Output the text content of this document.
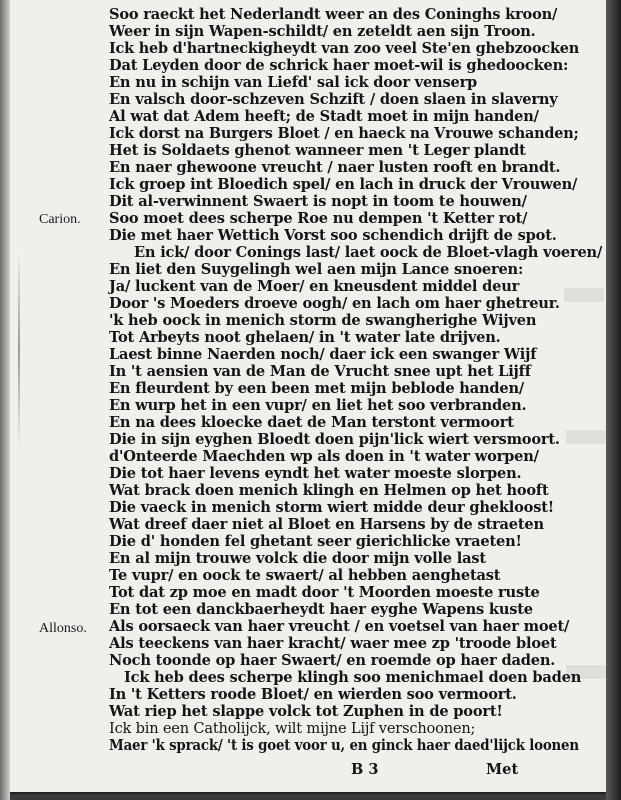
Carion.
Allonso.
Soo raeckt het Nederlandt weer an des Coninghs kroon/
Weer in sijn Wapen-schildt/ en zeteldt aen sijn Troon.
Ick heb d'hartneckigheydt van zoo veel Ste'en ghebzoocken
Dat Leyden door de schrick haer moet-wil is ghedoocken:
En nu in schijn van Liefd' sal ick door venserp
En valsch door-schzeven Schzift / doen slaen in slaverny
Al wat dat Adem heeft; de Stadt moet in mijn handen/
Ick dorst na Burgers Bloet / en haeck na Vrouwe schanden;
Het is Soldaets ghenot wanneer men 't Leger plandt
En naer ghewoone vreucht / naer lusten rooft en brandt.
Ick groep int Bloedich spel/ en lach in druck der Vrouwen/
Dit al-verwinnent Swaert is nopt in toom te houwen/
Soo moet dees scherpe Roe nu dempen 't Ketter rot/
Die met haer Wettich Vorst soo schendich drijft de spot.
En ick/ door Conings last/ laet oock de Bloet-vlagh voeren/
En liet den Suygelingh wel aen mijn Lance snoeren:
Ja/ luckent van de Moer/ en kneusdent middel deur
Door 's Moeders droeve oogh/ en lach om haer ghetreur.
'k heb oock in menich storm de swangherighe Wijven
Tot Arbeyts noot ghelaen/ in 't water late drijven.
Laest binne Naerden noch/ daer ick een swanger Wijf
In 't aensien van de Man de Vrucht snee upt het Lijff
En fleurdent by een been met mijn beblode handen/
En wurp het in een vupr/ en liet het soo verbranden.
En na dees kloecke daet de Man terstont vermoort
Die in sijn eyghen Bloedt doen pijn'lick wiert versmoort.
d'Onteerde Maechden wp als doen in 't water worpen/
Die tot haer levens eyndt het water moeste slorpen.
Wat brack doen menich klingh en Helmen op het hooft
Die vaeck in menich storm wiert midde deur ghekloost!
Wat dreef daer niet al Bloet en Harsens by de straeten
Die d' honden fel ghetant seer gierichlicke vraeten!
En al mijn trouwe volck die door mijn volle last
Te vupr/ en oock te swaert/ al hebben aenghetast
Tot dat zp moe en madt door 't Moorden moeste ruste
En tot een danckbaerheydt haer eyghe Wapens kuste
Als oorsaeck van haer vreucht / en voetsel van haer moet/
Als teeckens van haer kracht/ waer mee zp 'troode bloet
Noch toonde op haer Swaert/ en roemde op haer daden.
Ick heb dees scherpe klingh soo menichmael doen baden
In 't Ketters roode Bloet/ en wierden soo vermoort.
Wat riep het slappe volck tot Zuphen in de poort!
Ick bin een Catholijck, wilt mijne Lijf verschoonen;
Maer 'k sprack/ 't is goet voor u, en ginck haer daed'lijck loonen
B 3	Met
